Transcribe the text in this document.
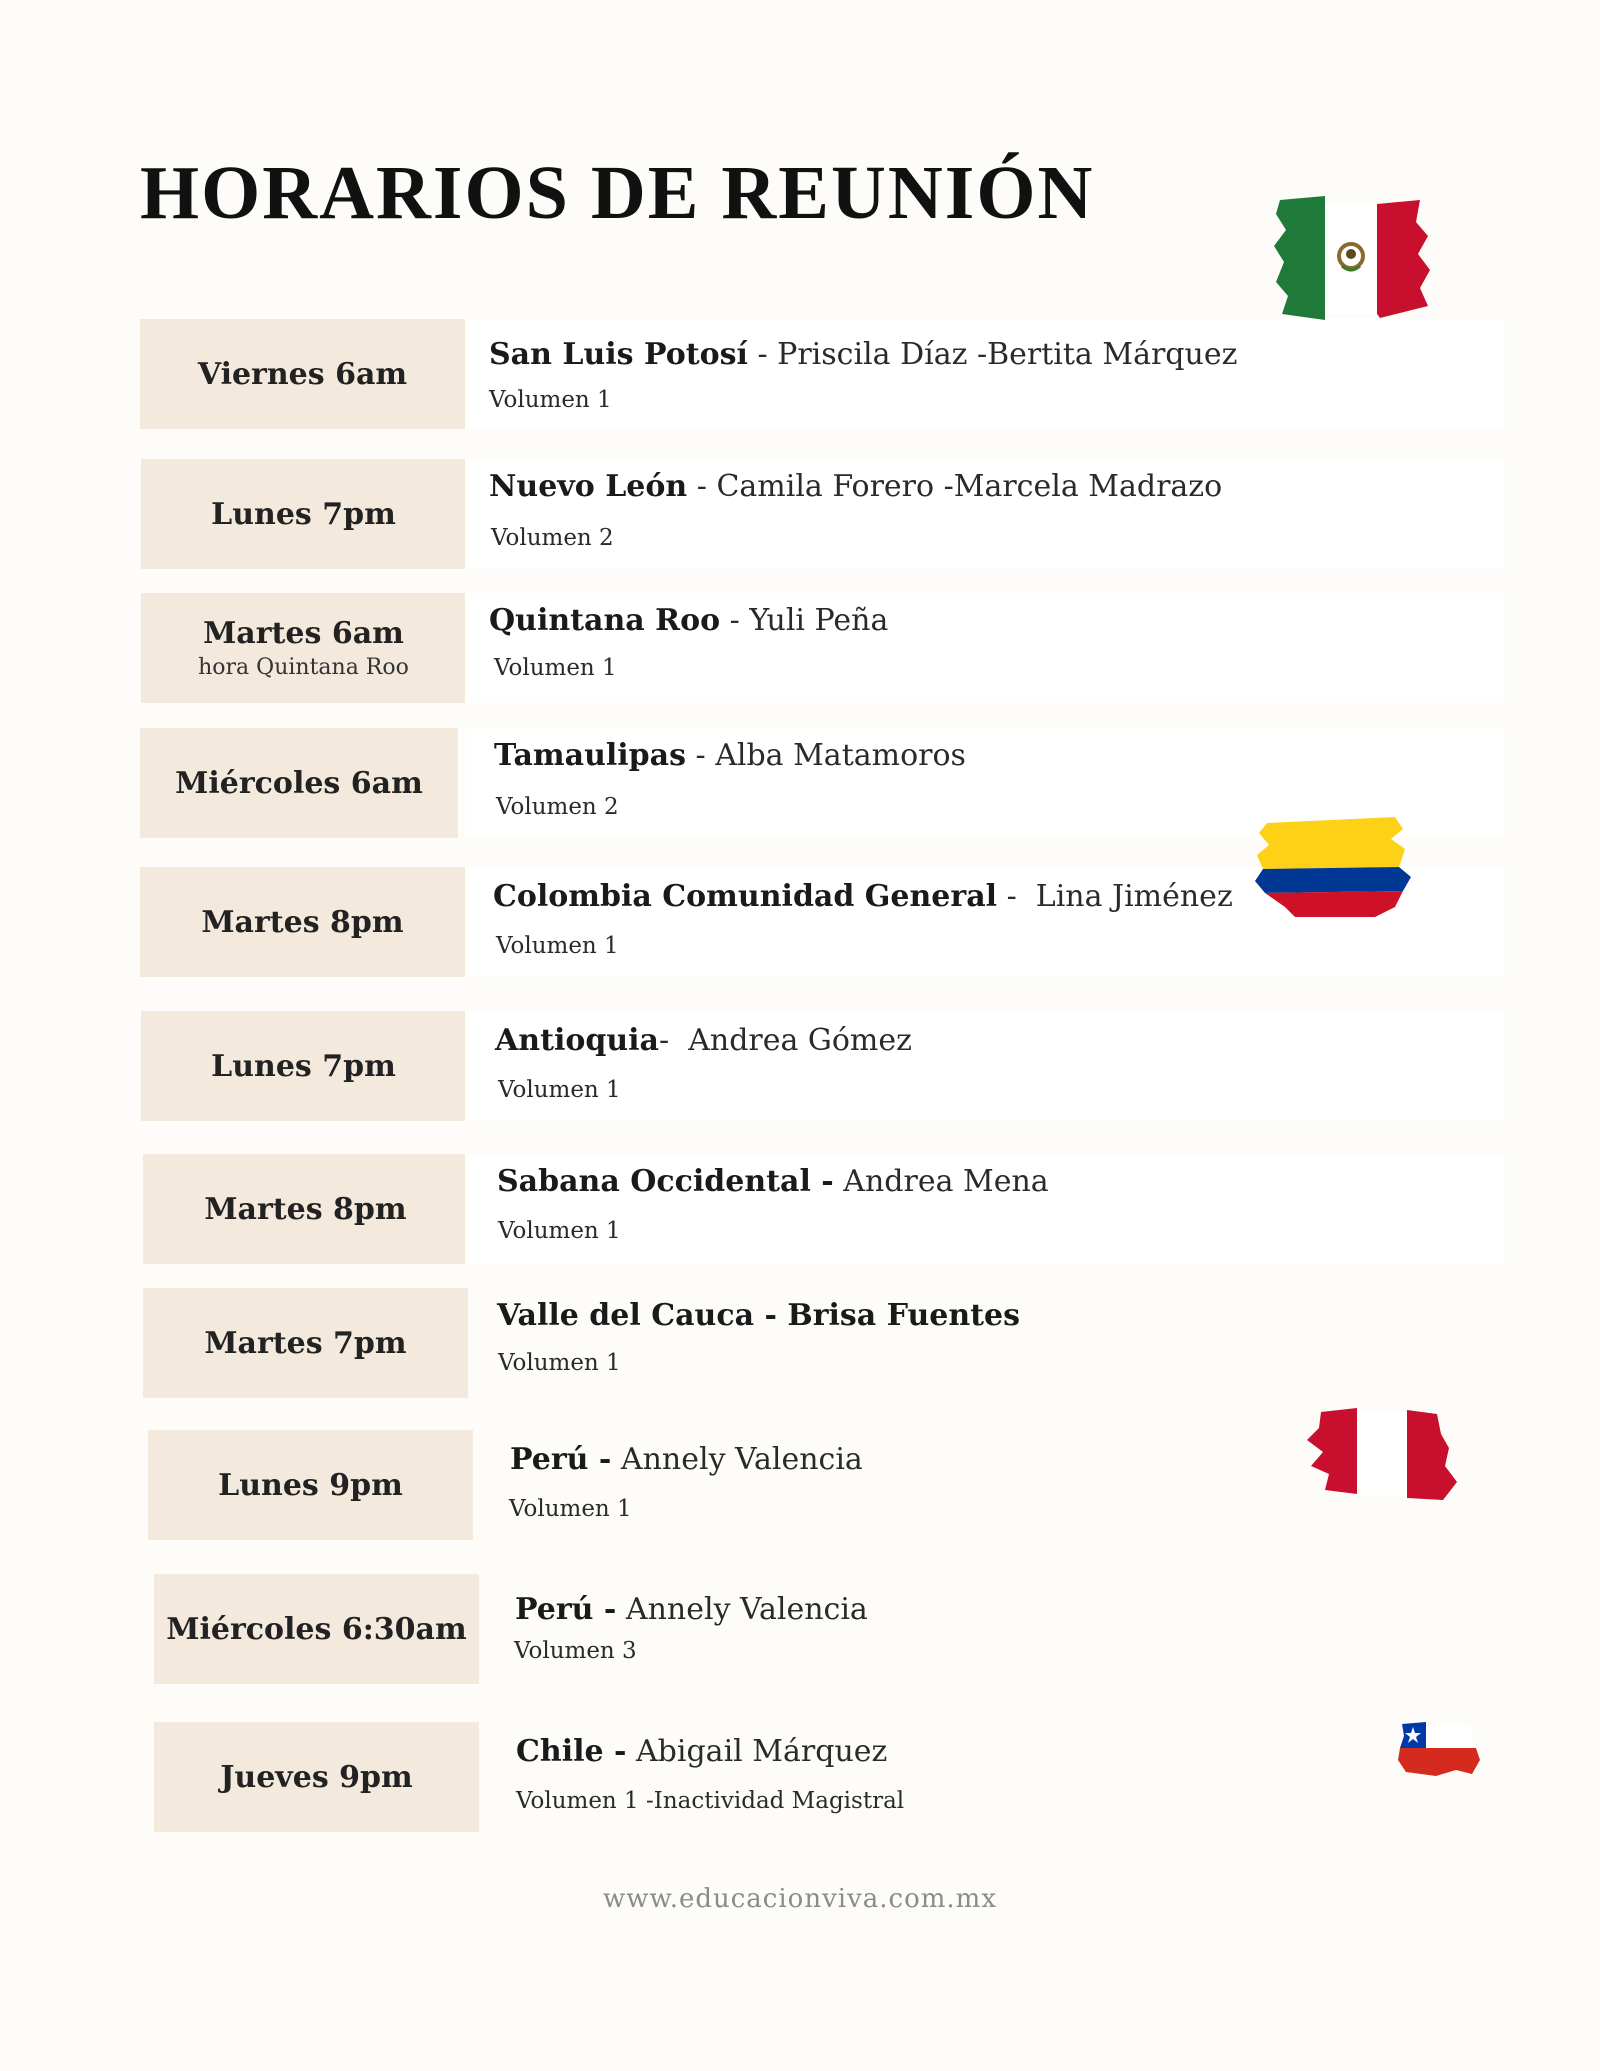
HORARIOS DE REUNIÓN
Viernes 6am
San Luis Potosí - Priscila Díaz -Bertita Márquez
Volumen 1
Lunes 7pm
Nuevo León - Camila Forero -Marcela Madrazo
Volumen 2
Martes 6am
hora Quintana Roo
Quintana Roo - Yuli Peña
Volumen 1
Miércoles 6am
Tamaulipas - Alba Matamoros
Volumen 2
Martes 8pm
Colombia Comunidad General -  Lina Jiménez
Volumen 1
Lunes 7pm
Antioquia-  Andrea Gómez
Volumen 1
Martes 8pm
Sabana Occidental - Andrea Mena
Volumen 1
Martes 7pm
Valle del Cauca - Brisa Fuentes
Volumen 1
Lunes 9pm
Perú - Annely Valencia
Volumen 1
Miércoles 6:30am
Perú - Annely Valencia
Volumen 3
Jueves 9pm
Chile - Abigail Márquez
Volumen 1 -Inactividad Magistral
www.educacionviva.com.mx
